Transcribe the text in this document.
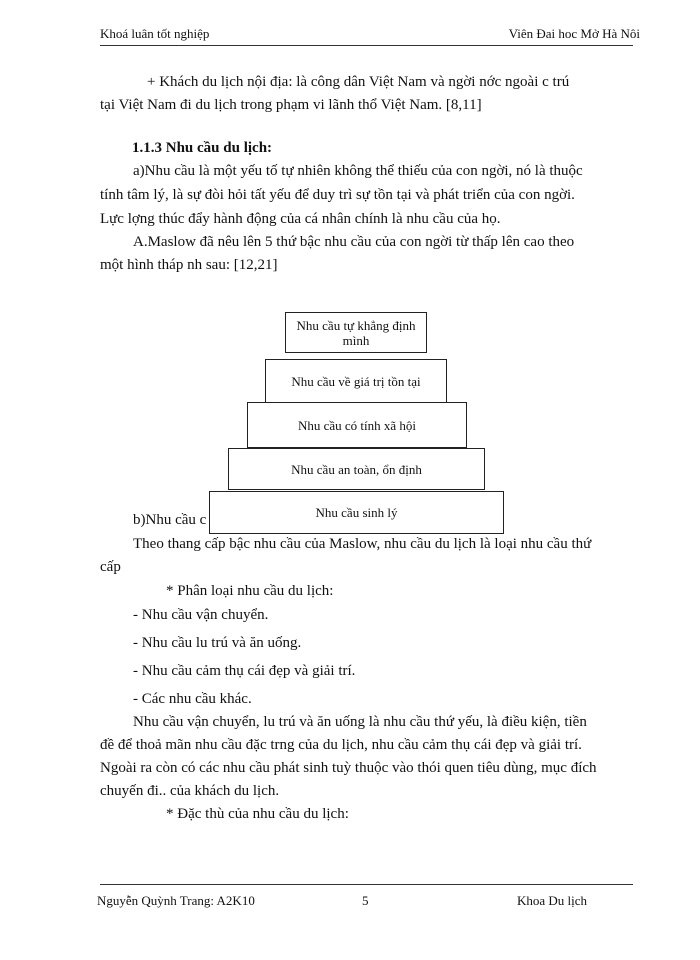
Khoá luân tốt nghiệp	Viên Đai hoc Mở Hà Nôi
+ Khách du lịch nội địa: là công dân Việt Nam và ngời nớc ngoài c trú
tại Việt Nam đi du lịch trong phạm vi lãnh thổ Việt Nam. [8,11]
1.1.3 Nhu cầu du lịch:
a)Nhu cầu là một yếu tố tự nhiên không thể thiếu của con ngời, nó là thuộc
tính tâm lý, là sự đòi hỏi tất yếu để duy trì sự tồn tại và phát triển của con ngời.
Lực lợng thúc đẩy hành động của cá nhân chính là nhu cầu của họ.
A.Maslow đã nêu lên 5 thứ bậc nhu cầu của con ngời từ thấp lên cao theo
một hình tháp nh sau: [12,21]
b)Nhu cầu c
Nhu cầu tự khẳng định mình
Nhu cầu về giá trị tồn tại
Nhu cầu có tính xã hội
Nhu cầu an toàn, ổn định
Nhu cầu sinh lý
Theo thang cấp bậc nhu cầu của Maslow, nhu cầu du lịch là loại nhu cầu thứ
cấp
* Phân loại nhu cầu du lịch:
- Nhu cầu vận chuyển.
- Nhu cầu lu trú và ăn uống.
- Nhu cầu cảm thụ cái đẹp và giải trí.
- Các nhu cầu khác.
Nhu cầu vận chuyển, lu trú và ăn uống là nhu cầu thứ yếu, là điều kiện, tiền
đề để thoả mãn nhu cầu đặc trng của du lịch, nhu cầu cảm thụ cái đẹp và giải trí.
Ngoài ra còn có các nhu cầu phát sinh tuỳ thuộc vào thói quen tiêu dùng, mục đích
chuyến đi.. của khách du lịch.
* Đặc thù của nhu cầu du lịch:
Nguyễn Quỳnh Trang: A2K10	5	Khoa Du lịch
